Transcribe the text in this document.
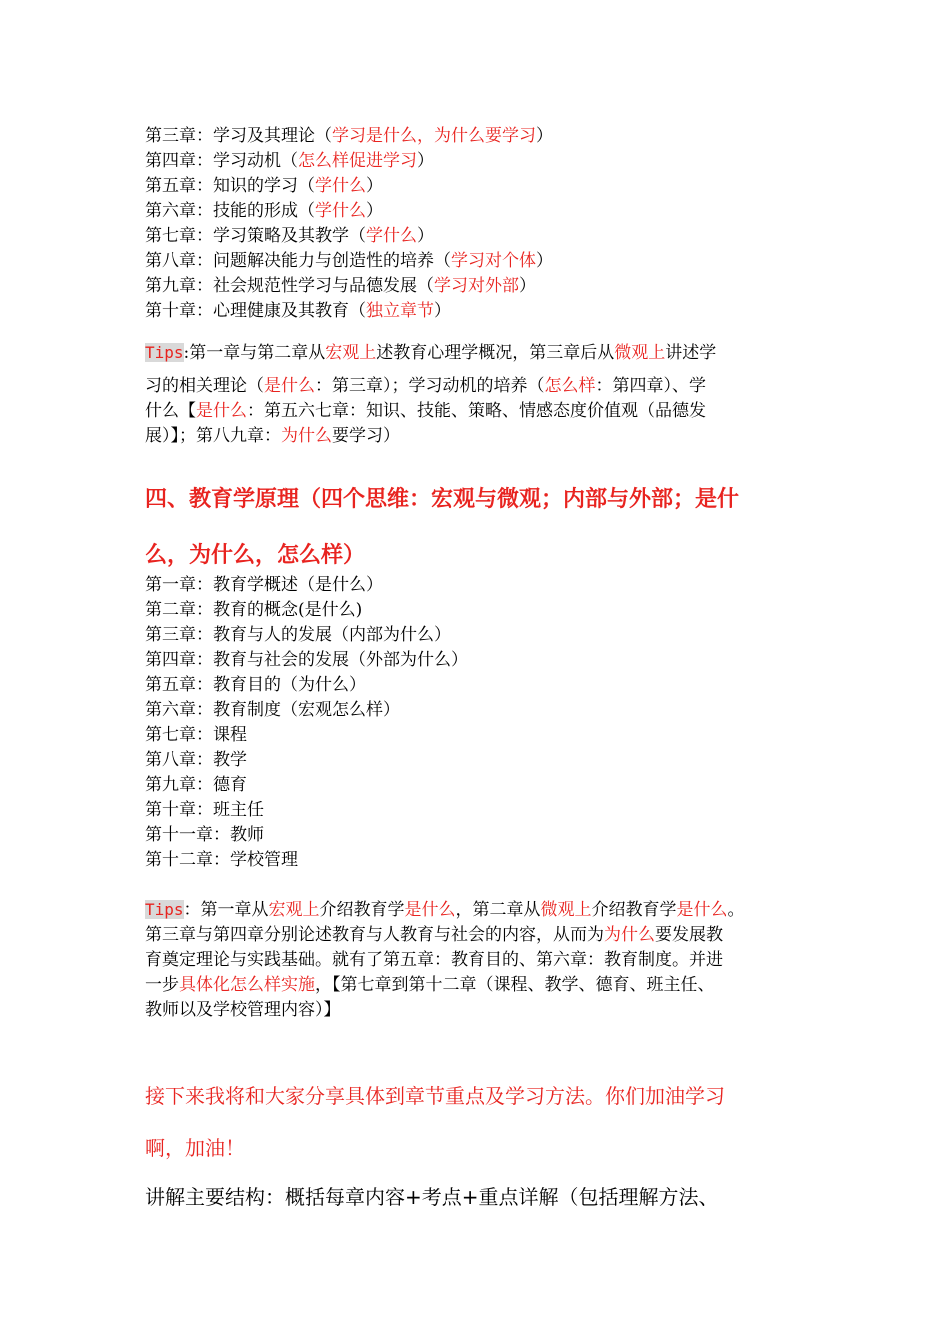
第三章：学习及其理论（学习是什么，为什么要学习）
第四章：学习动机（怎么样促进学习）
第五章：知识的学习（学什么）
第六章：技能的形成（学什么）
第七章：学习策略及其教学（学什么）
第八章：问题解决能力与创造性的培养（学习对个体）
第九章：社会规范性学习与品德发展（学习对外部）
第十章：心理健康及其教育（独立章节）
Tips:第一章与第二章从宏观上述教育心理学概况，第三章后从微观上讲述学
习的相关理论（是什么：第三章）；学习动机的培养（怎么样：第四章）、学
什么【是什么：第五六七章：知识、技能、策略、情感态度价值观（品德发
展）】；第八九章：为什么要学习）
四、教育学原理（四个思维：宏观与微观；内部与外部；是什
么，为什么，怎么样）
第一章：教育学概述（是什么）
第二章：教育的概念(是什么)
第三章：教育与人的发展（内部为什么）
第四章：教育与社会的发展（外部为什么）
第五章：教育目的（为什么）
第六章：教育制度（宏观怎么样）
第七章：课程
第八章：教学
第九章：德育
第十章：班主任
第十一章：教师
第十二章：学校管理
Tips：第一章从宏观上介绍教育学是什么，第二章从微观上介绍教育学是什么。
第三章与第四章分别论述教育与人教育与社会的内容，从而为为什么要发展教
育奠定理论与实践基础。就有了第五章：教育目的、第六章：教育制度。并进
一步具体化怎么样实施，【第七章到第十二章（课程、教学、德育、班主任、
教师以及学校管理内容）】
接下来我将和大家分享具体到章节重点及学习方法。你们加油学习
啊，加油！
讲解主要结构：概括每章内容+考点+重点详解（包括理解方法、
